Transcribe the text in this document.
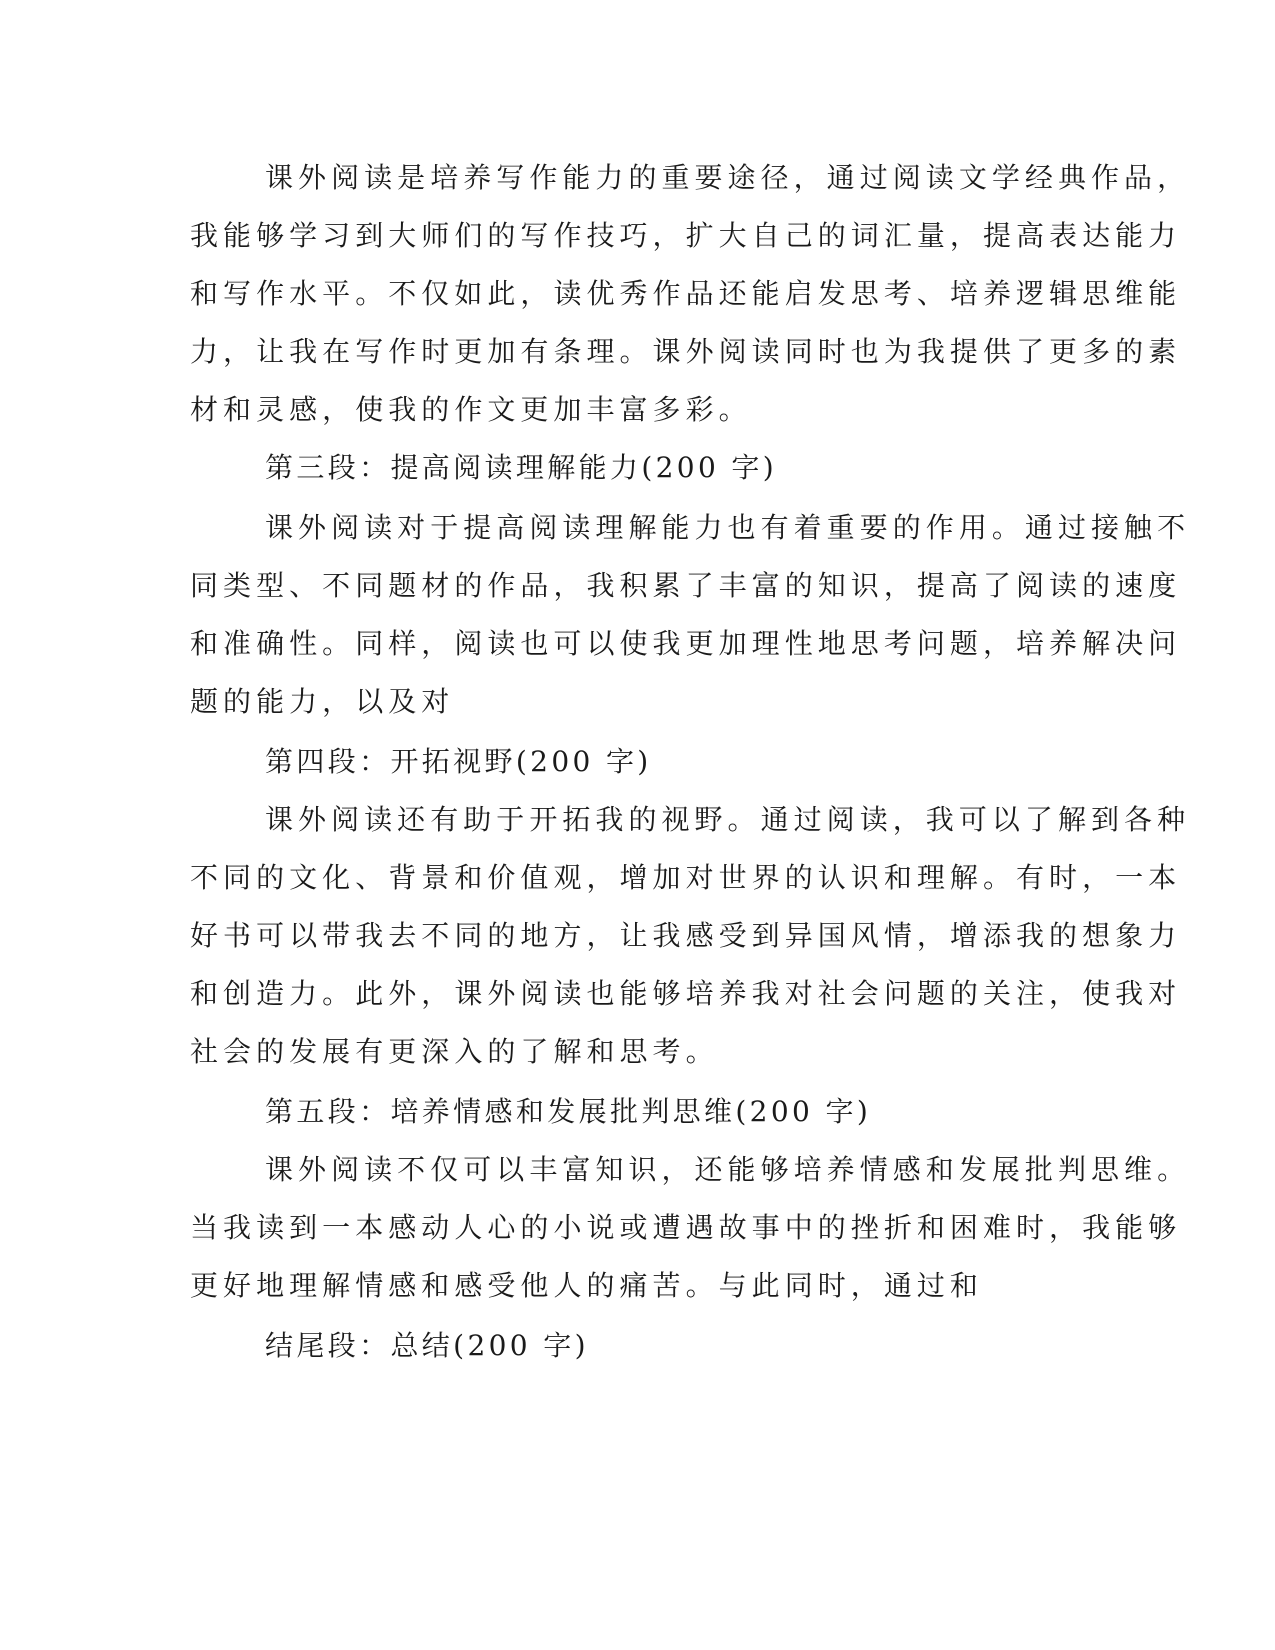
课外阅读是培养写作能力的重要途径，通过阅读文学经典作品，
我能够学习到大师们的写作技巧，扩大自己的词汇量，提高表达能力
和写作水平。不仅如此，读优秀作品还能启发思考、培养逻辑思维能
力，让我在写作时更加有条理。课外阅读同时也为我提供了更多的素
材和灵感，使我的作文更加丰富多彩。
第三段：提高阅读理解能力(200 字)
课外阅读对于提高阅读理解能力也有着重要的作用。通过接触不
同类型、不同题材的作品，我积累了丰富的知识，提高了阅读的速度
和准确性。同样，阅读也可以使我更加理性地思考问题，培养解决问
题的能力，以及对
第四段：开拓视野(200 字)
课外阅读还有助于开拓我的视野。通过阅读，我可以了解到各种
不同的文化、背景和价值观，增加对世界的认识和理解。有时，一本
好书可以带我去不同的地方，让我感受到异国风情，增添我的想象力
和创造力。此外，课外阅读也能够培养我对社会问题的关注，使我对
社会的发展有更深入的了解和思考。
第五段：培养情感和发展批判思维(200 字)
课外阅读不仅可以丰富知识，还能够培养情感和发展批判思维。
当我读到一本感动人心的小说或遭遇故事中的挫折和困难时，我能够
更好地理解情感和感受他人的痛苦。与此同时，通过和
结尾段：总结(200 字)
